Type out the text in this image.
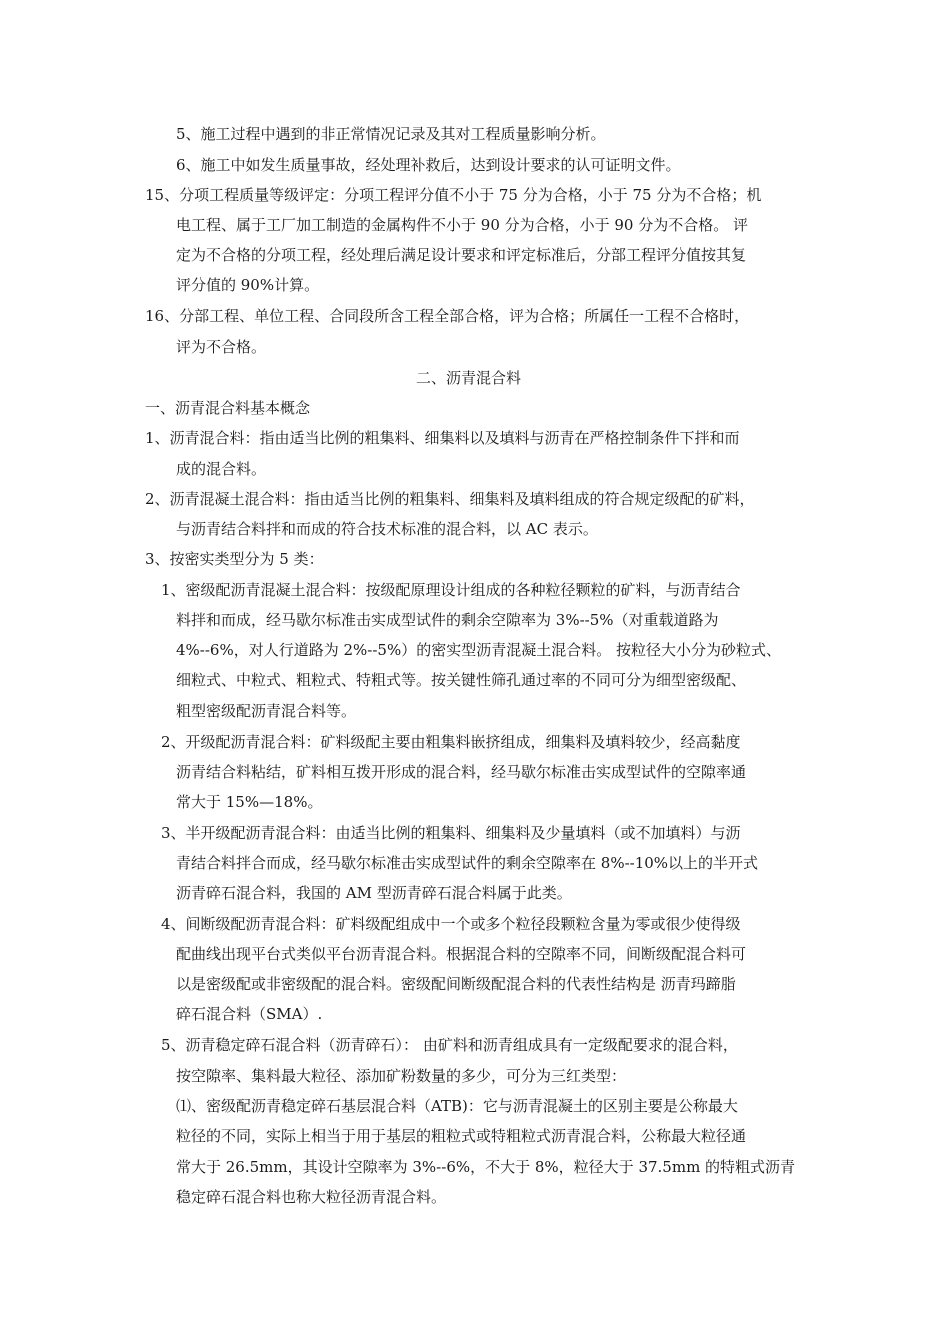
5、施工过程中遇到的非正常情况记录及其对工程质量影响分析。
6、施工中如发生质量事故，经处理补救后，达到设计要求的认可证明文件。
15、分项工程质量等级评定：分项工程评分值不小于 75 分为合格，小于 75 分为不合格；机
电工程、属于工厂加工制造的金属构件不小于 90 分为合格，小于 90 分为不合格。 评
定为不合格的分项工程，经处理后满足设计要求和评定标准后，分部工程评分值按其复
评分值的 90%计算。
16、分部工程、单位工程、合同段所含工程全部合格，评为合格；所属任一工程不合格时，
评为不合格。
二、沥青混合料
一、沥青混合料基本概念
1、沥青混合料：指由适当比例的粗集料、细集料以及填料与沥青在严格控制条件下拌和而
成的混合料。
2、沥青混凝土混合料：指由适当比例的粗集料、细集料及填料组成的符合规定级配的矿料，
与沥青结合料拌和而成的符合技术标准的混合料，以 AC 表示。
3、按密实类型分为 5 类：
1、密级配沥青混凝土混合料：按级配原理设计组成的各种粒径颗粒的矿料，与沥青结合
料拌和而成，经马歇尔标准击实成型试件的剩余空隙率为 3%--5%（对重载道路为
4%--6%，对人行道路为 2%--5%）的密实型沥青混凝土混合料。 按粒径大小分为砂粒式、
细粒式、中粒式、粗粒式、特粗式等。按关键性筛孔通过率的不同可分为细型密级配、
粗型密级配沥青混合料等。
2、开级配沥青混合料：矿料级配主要由粗集料嵌挤组成，细集料及填料较少，经高黏度
沥青结合料粘结，矿料相互拨开形成的混合料，经马歇尔标准击实成型试件的空隙率通
常大于 15%—18%。
3、半开级配沥青混合料：由适当比例的粗集料、细集料及少量填料（或不加填料）与沥
青结合料拌合而成，经马歇尔标准击实成型试件的剩余空隙率在 8%--10%以上的半开式
沥青碎石混合料，我国的 AM 型沥青碎石混合料属于此类。
4、间断级配沥青混合料：矿料级配组成中一个或多个粒径段颗粒含量为零或很少使得级
配曲线出现平台式类似平台沥青混合料。根据混合料的空隙率不同，间断级配混合料可
以是密级配或非密级配的混合料。密级配间断级配混合料的代表性结构是 沥青玛蹄脂
碎石混合料（SMA）.
5、沥青稳定碎石混合料（沥青碎石）： 由矿料和沥青组成具有一定级配要求的混合料，
按空隙率、集料最大粒径、添加矿粉数量的多少，可分为三红类型：
⑴、密级配沥青稳定碎石基层混合料（ATB)：它与沥青混凝土的区别主要是公称最大
粒径的不同，实际上相当于用于基层的粗粒式或特粗粒式沥青混合料，公称最大粒径通
常大于 26.5mm，其设计空隙率为 3%--6%，不大于 8%，粒径大于 37.5mm 的特粗式沥青
稳定碎石混合料也称大粒径沥青混合料。
